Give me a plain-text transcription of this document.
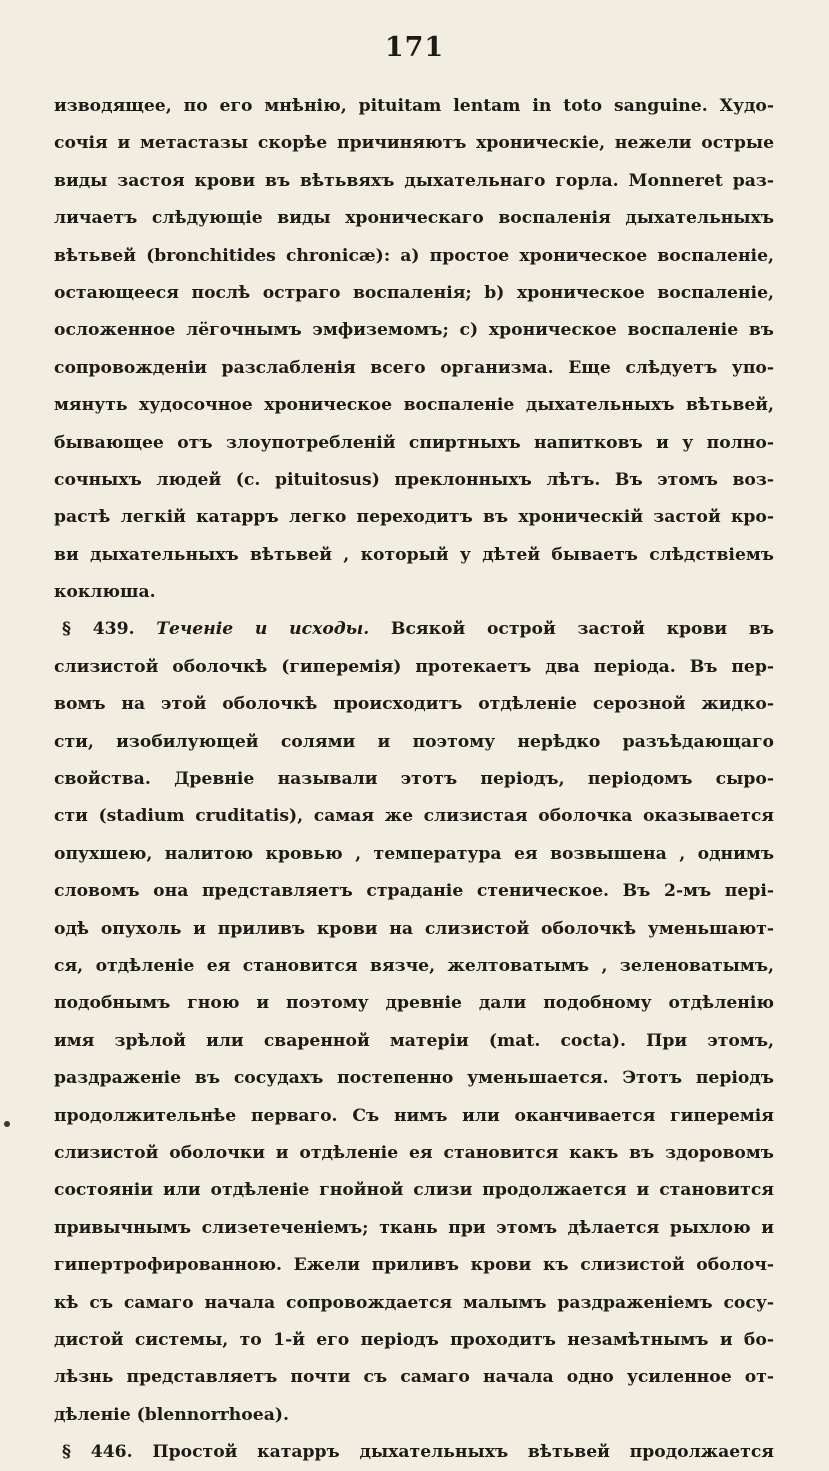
171
изводящее, по его мнѣнію, pituitam lentam in toto sanguine. Худо-
сочія и метастазы скорѣе причиняютъ хроническіе, нежели острые
виды застоя крови въ вѣтьвяхъ дыхательнаго горла. Monneret раз-
личаетъ слѣдующіе виды хроническаго воспаленія дыхательныхъ
вѣтьвей (bronchitides chronicæ): a) простое хроническое воспаленіе,
остающееся послѣ остраго воспаленія; b) хроническое воспаленіе,
осложенное лёгочнымъ эмфиземомъ; c) хроническое воспаленіе въ
сопровожденіи разслабленія всего организма. Еще слѣдуетъ упо-
мянуть худосочное хроническое воспаленіе дыхательныхъ вѣтьвей,
бывающее отъ злоупотребленій спиртныхъ напитковъ и у полно-
сочныхъ людей (c. pituitosus) преклонныхъ лѣтъ. Въ этомъ воз-
растѣ легкій катарръ легко переходитъ въ хроническій застой кро-
ви дыхательныхъ вѣтьвей , который у дѣтей бываетъ слѣдствіемъ
коклюша.
§ 439. Теченіе и исходы. Всякой острой застой крови въ
слизистой оболочкѣ (гиперемія) протекаетъ два періода. Въ пер-
вомъ на этой оболочкѣ происходитъ отдѣленіе серозной жидко-
сти, изобилующей солями и поэтому нерѣдко разъѣдающаго
свойства. Древніе называли этотъ періодъ, періодомъ сыро-
сти (stadium cruditatis), самая же слизистая оболочка оказывается
опухшею, налитою кровью , температура ея возвышена , однимъ
словомъ она представляетъ страданіе стеническое. Въ 2-мъ пері-
одѣ опухоль и приливъ крови на слизистой оболочкѣ уменьшают-
ся, отдѣленіе ея становится вязче, желтоватымъ , зеленоватымъ,
подобнымъ гною и поэтому древніе дали подобному отдѣленію
имя зрѣлой или сваренной матеріи (mat. cocta). При этомъ,
раздраженіе въ сосудахъ постепенно уменьшается. Этотъ періодъ
продолжительнѣе перваго. Съ нимъ или оканчивается гиперемія
слизистой оболочки и отдѣленіе ея становится какъ въ здоровомъ
состояніи или отдѣленіе гнойной слизи продолжается и становится
привычнымъ слизетеченіемъ; ткань при этомъ дѣлается рыхлою и
гипертрофированною. Ежели приливъ крови къ слизистой оболоч-
кѣ съ самаго начала сопровождается малымъ раздраженіемъ сосу-
дистой системы, то 1-й его періодъ проходитъ незамѣтнымъ и бо-
лѣзнь представляетъ почти съ самаго начала одно усиленное от-
дѣленіе (blennorrhoea).
§ 446. Простой катарръ дыхательныхъ вѣтьвей продолжается
